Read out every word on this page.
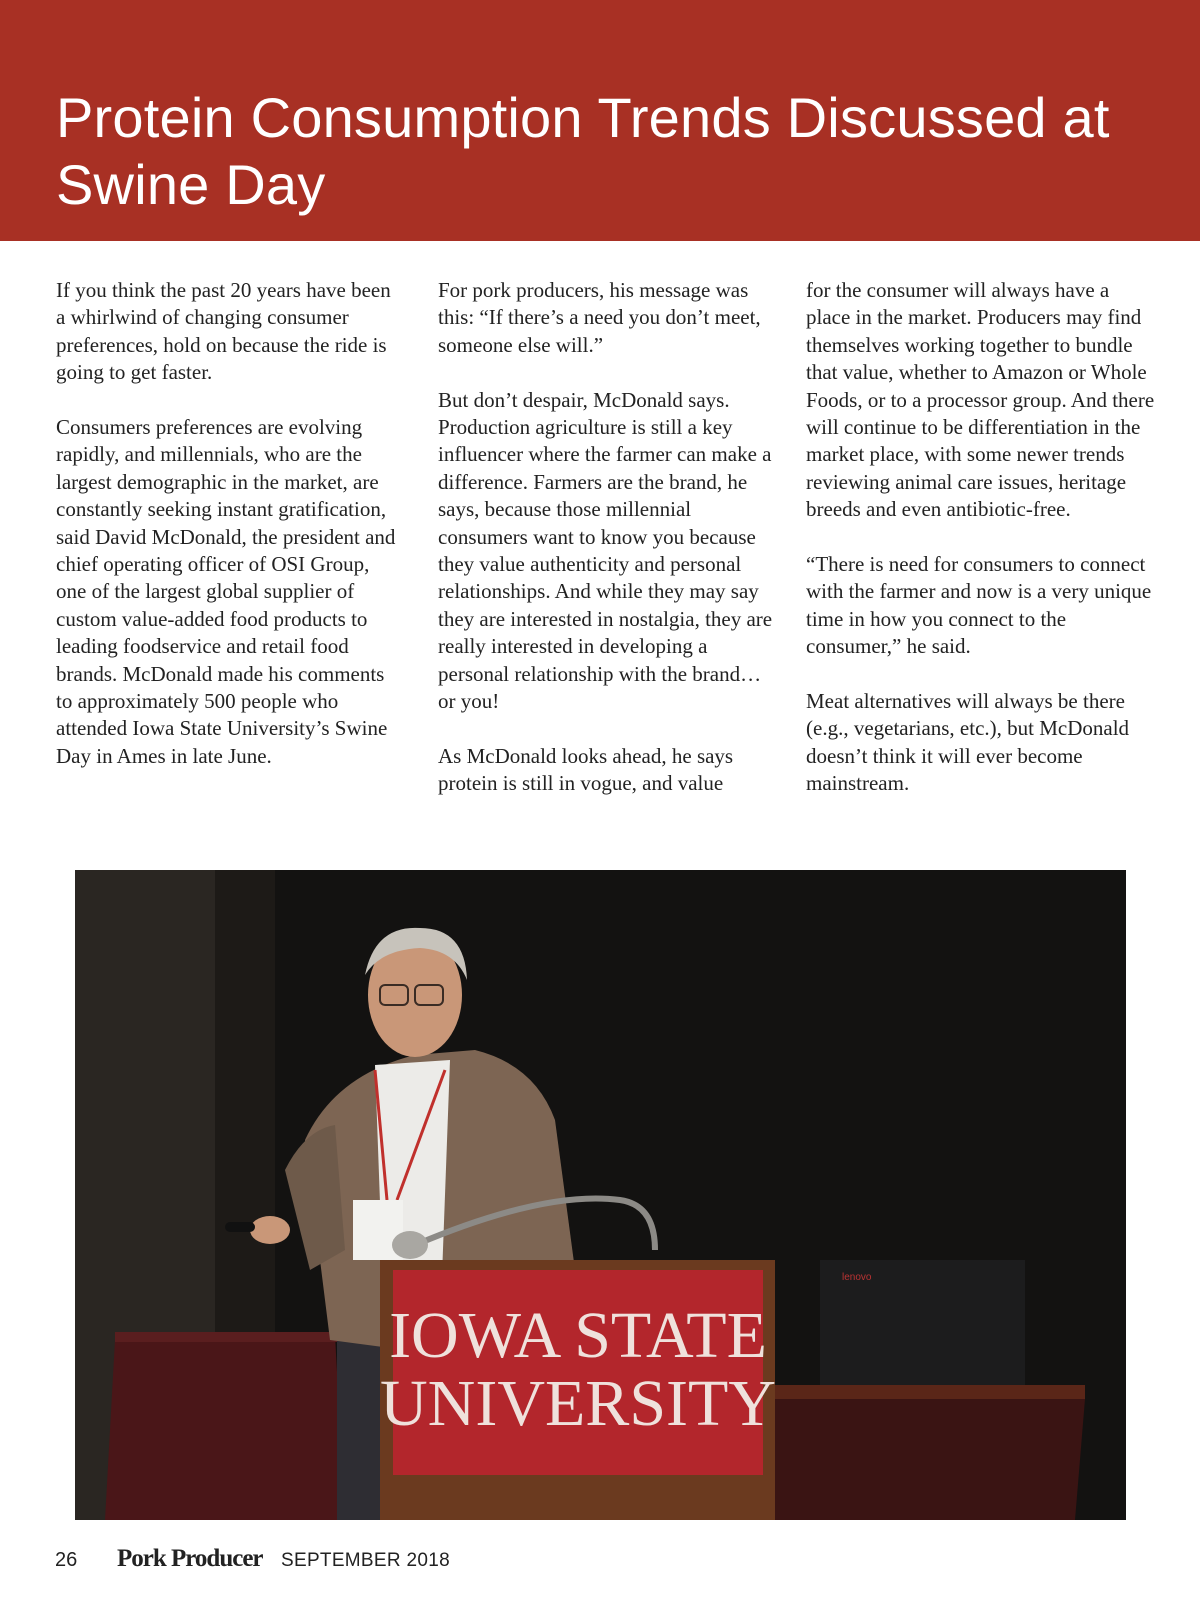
Protein Consumption Trends Discussed at Swine Day

If you think the past 20 years have been a whirlwind of changing consumer preferences, hold on because the ride is going to get faster.

Consumers preferences are evolving rapidly, and millennials, who are the largest demographic in the market, are constantly seeking instant gratification, said David McDonald, the president and chief operating officer of OSI Group, one of the largest global supplier of custom value-added food products to leading foodservice and retail food brands. McDonald made his comments to approximately 500 people who attended Iowa State University’s Swine Day in Ames in late June.

For pork producers, his message was this: “If there’s a need you don’t meet, someone else will.”

But don’t despair, McDonald says. Production agriculture is still a key influencer where the farmer can make a difference. Farmers are the brand, he says, because those millennial consumers want to know you because they value authenticity and personal relationships. And while they may say they are interested in nostalgia, they are really interested in developing a personal relationship with the brand…or you!

As McDonald looks ahead, he says protein is still in vogue, and value

for the consumer will always have a place in the market. Producers may find themselves working together to bundle that value, whether to Amazon or Whole Foods, or to a processor group. And there will continue to be differentiation in the market place, with some newer trends reviewing animal care issues, heritage breeds and even antibiotic-free.

“There is need for consumers to connect with the farmer and now is a very unique time in how you connect to the consumer,” he said.

Meat alternatives will always be there (e.g., vegetarians, etc.), but McDonald doesn’t think it will ever become mainstream.

IOWA STATE
UNIVERSITY
lenovo
26 Pork Producer SEPTEMBER 2018
